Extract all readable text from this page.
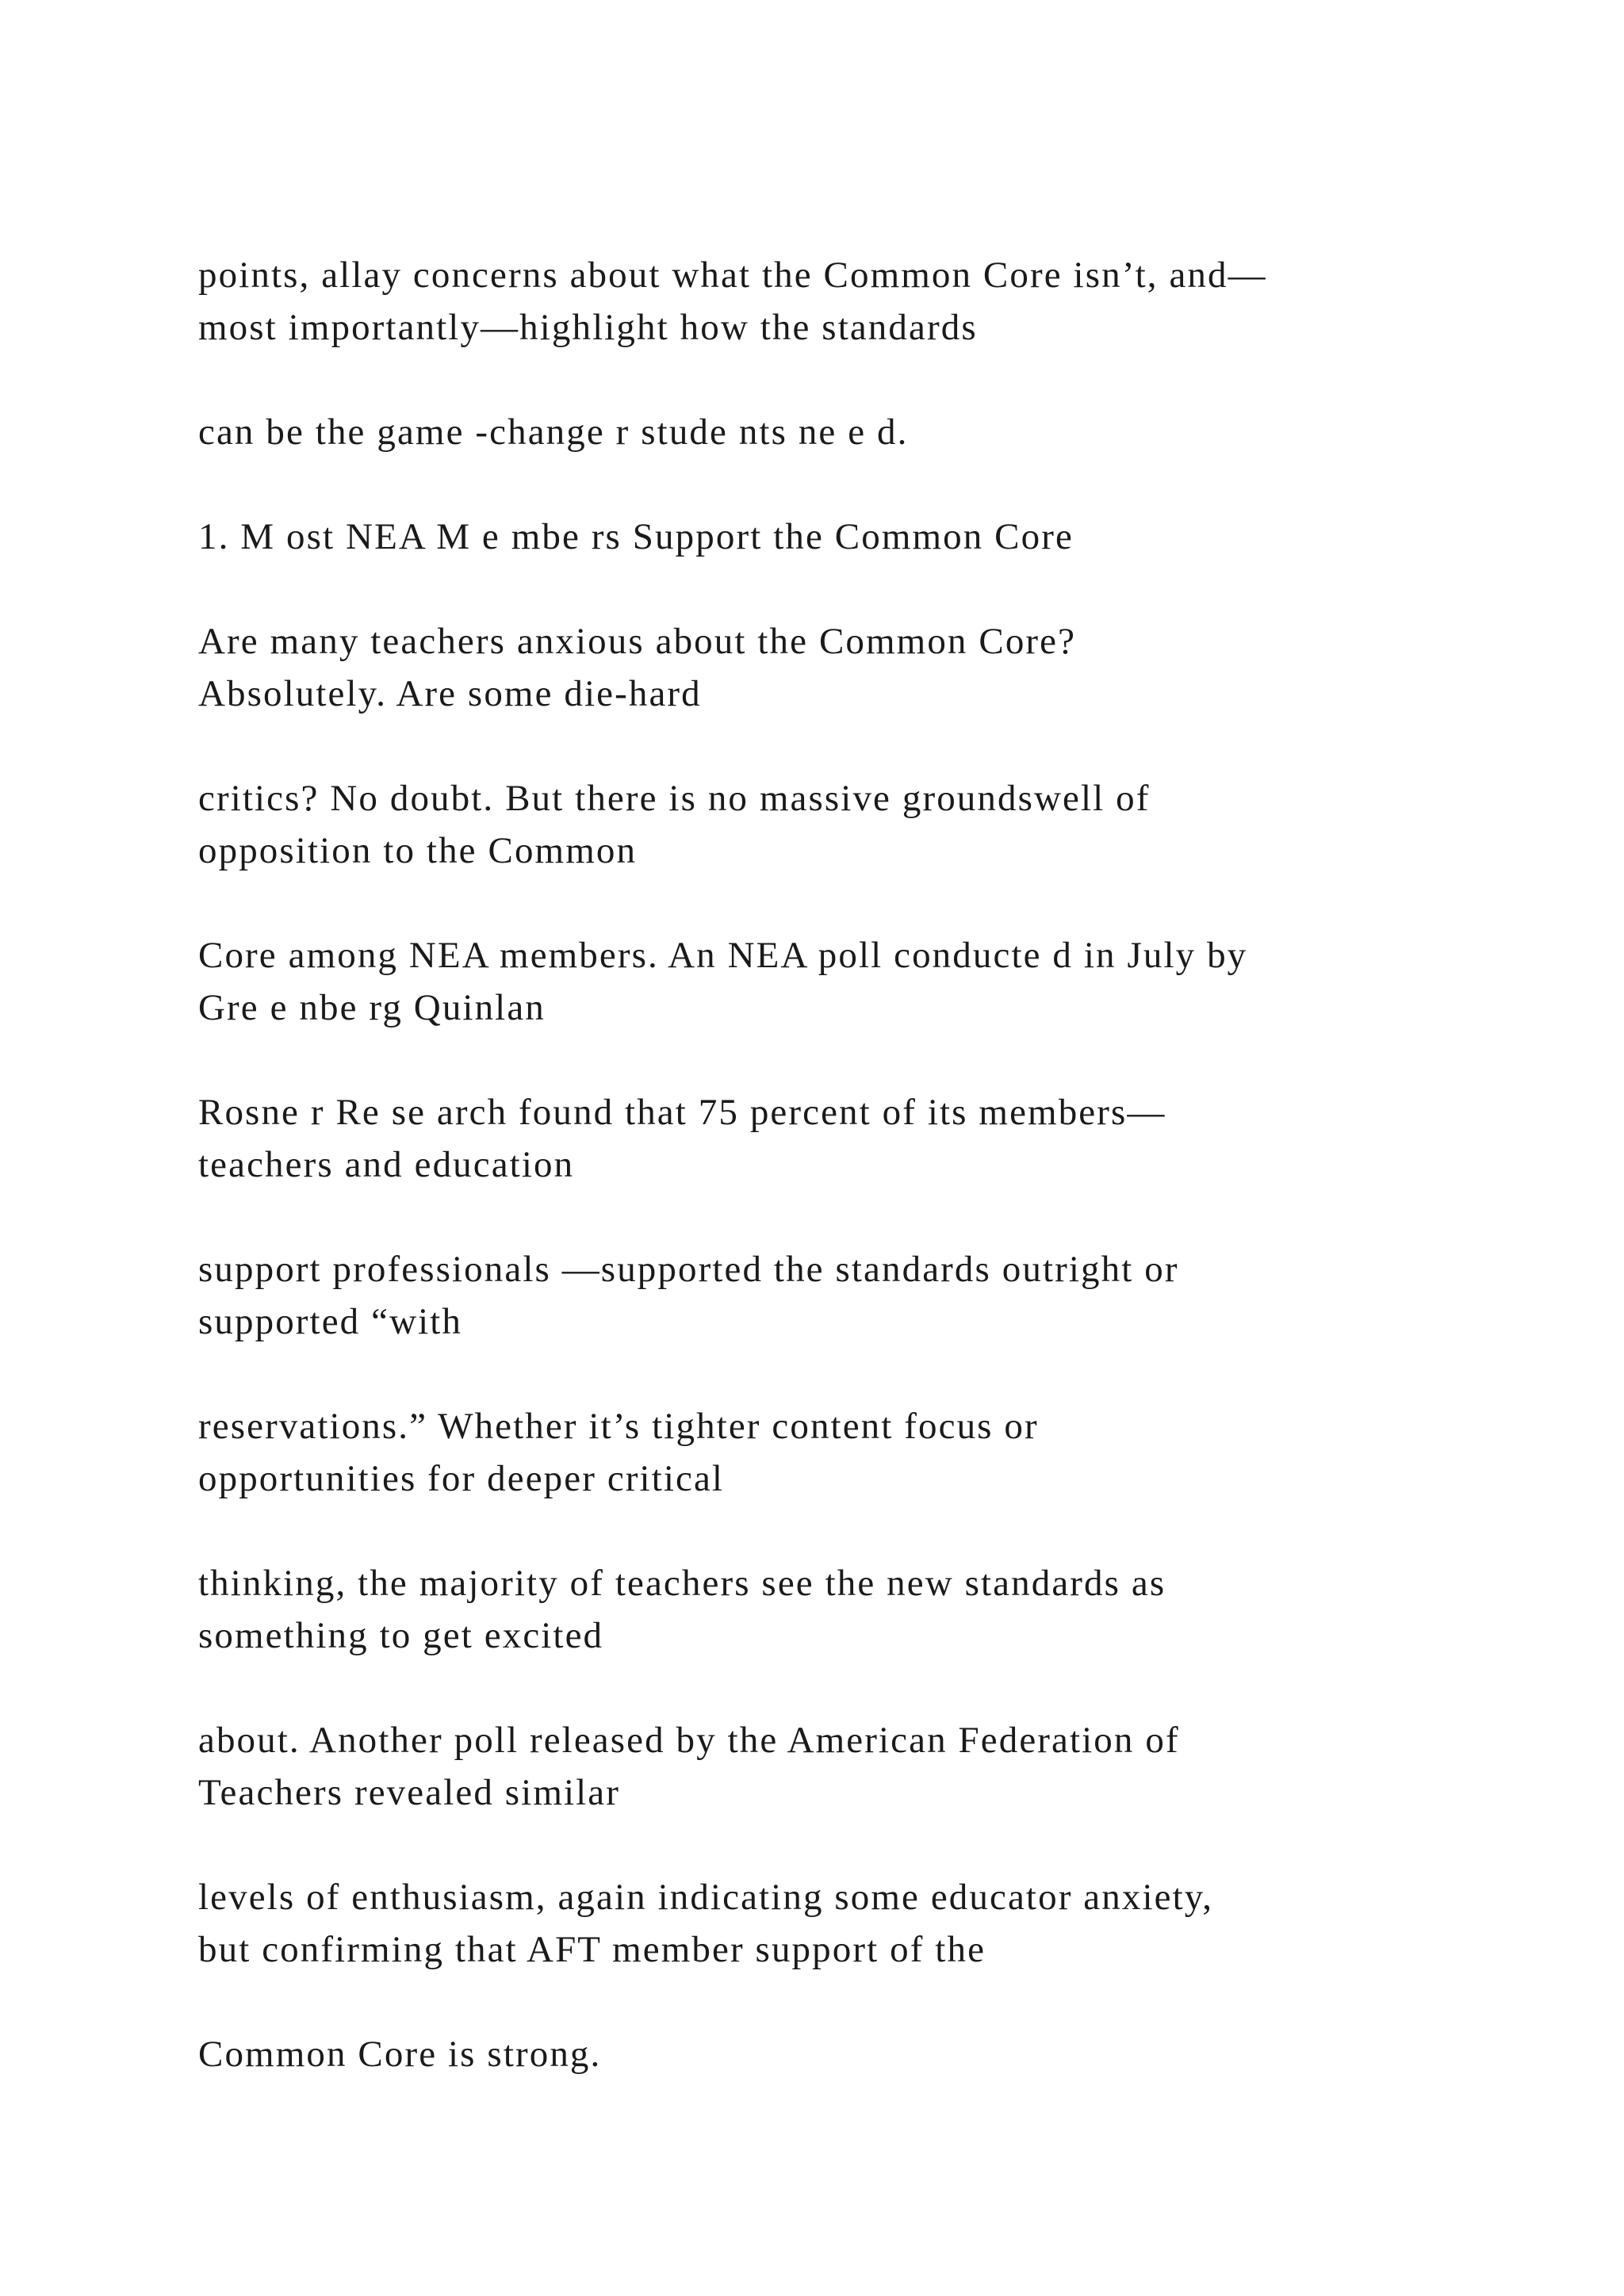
points, allay concerns about what the Common Core isn’t, and—
most importantly—highlight how the standards
can be the game -change r stude nts ne e d.
1. M ost NEA M e mbe rs Support the Common Core
Are many teachers anxious about the Common Core?
Absolutely. Are some die-hard
critics? No doubt. But there is no massive groundswell of
opposition to the Common
Core among NEA members. An NEA poll conducte d in July by
Gre e nbe rg Quinlan
Rosne r Re se arch found that 75 percent of its members—
teachers and education
support professionals —supported the standards outright or
supported “with
reservations.” Whether it’s tighter content focus or
opportunities for deeper critical
thinking, the majority of teachers see the new standards as
something to get excited
about. Another poll released by the American Federation of
Teachers revealed similar
levels of enthusiasm, again indicating some educator anxiety,
but confirming that AFT member support of the
Common Core is strong.
